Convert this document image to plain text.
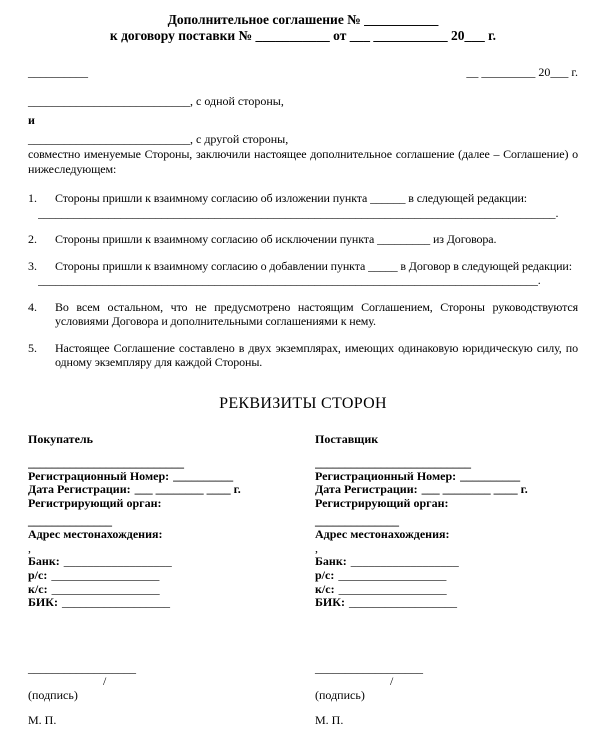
Дополнительное соглашение № ___________
к договору поставки № ___________ от ___ ___________ 20___ г.
__________	__ _________ 20___ г.
___________________________, с одной стороны,
и
___________________________, с другой стороны,
совместно именуемые Стороны, заключили настоящее дополнительное соглашение (далее – Соглашение) о нижеследующем:
1.	Стороны пришли к взаимному согласию об изложении пункта ______ в следующей редакции:
________________________________________________________________________________________.
2.	Стороны пришли к взаимному согласию об исключении пункта _________ из Договора.
3.	Стороны пришли к взаимному согласию о добавлении пункта _____ в Договор в следующей редакции:
_____________________________________________________________________________________.
4.	Во всем остальном, что не предусмотрено настоящим Соглашением, Стороны руководствуются условиями Договора и дополнительными соглашениями к нему.
5.	Настоящее Соглашение составлено в двух экземплярах, имеющих одинаковую юридическую силу, по одному экземпляру для каждой Стороны.
РЕКВИЗИТЫ СТОРОН
Покупатель
__________________________
Регистрационный Номер: __________
Дата Регистрации: ___ ________ ____ г.
Регистрирующий орган:
______________
Адрес местонахождения:
,
Банк: __________________
р/с: __________________
к/с: __________________
БИК: __________________
__________________
/
(подпись)
М. П.
Поставщик
__________________________
Регистрационный Номер: __________
Дата Регистрации: ___ ________ ____ г.
Регистрирующий орган:
______________
Адрес местонахождения:
,
Банк: __________________
р/с: __________________
к/с: __________________
БИК: __________________
__________________
/
(подпись)
М. П.
